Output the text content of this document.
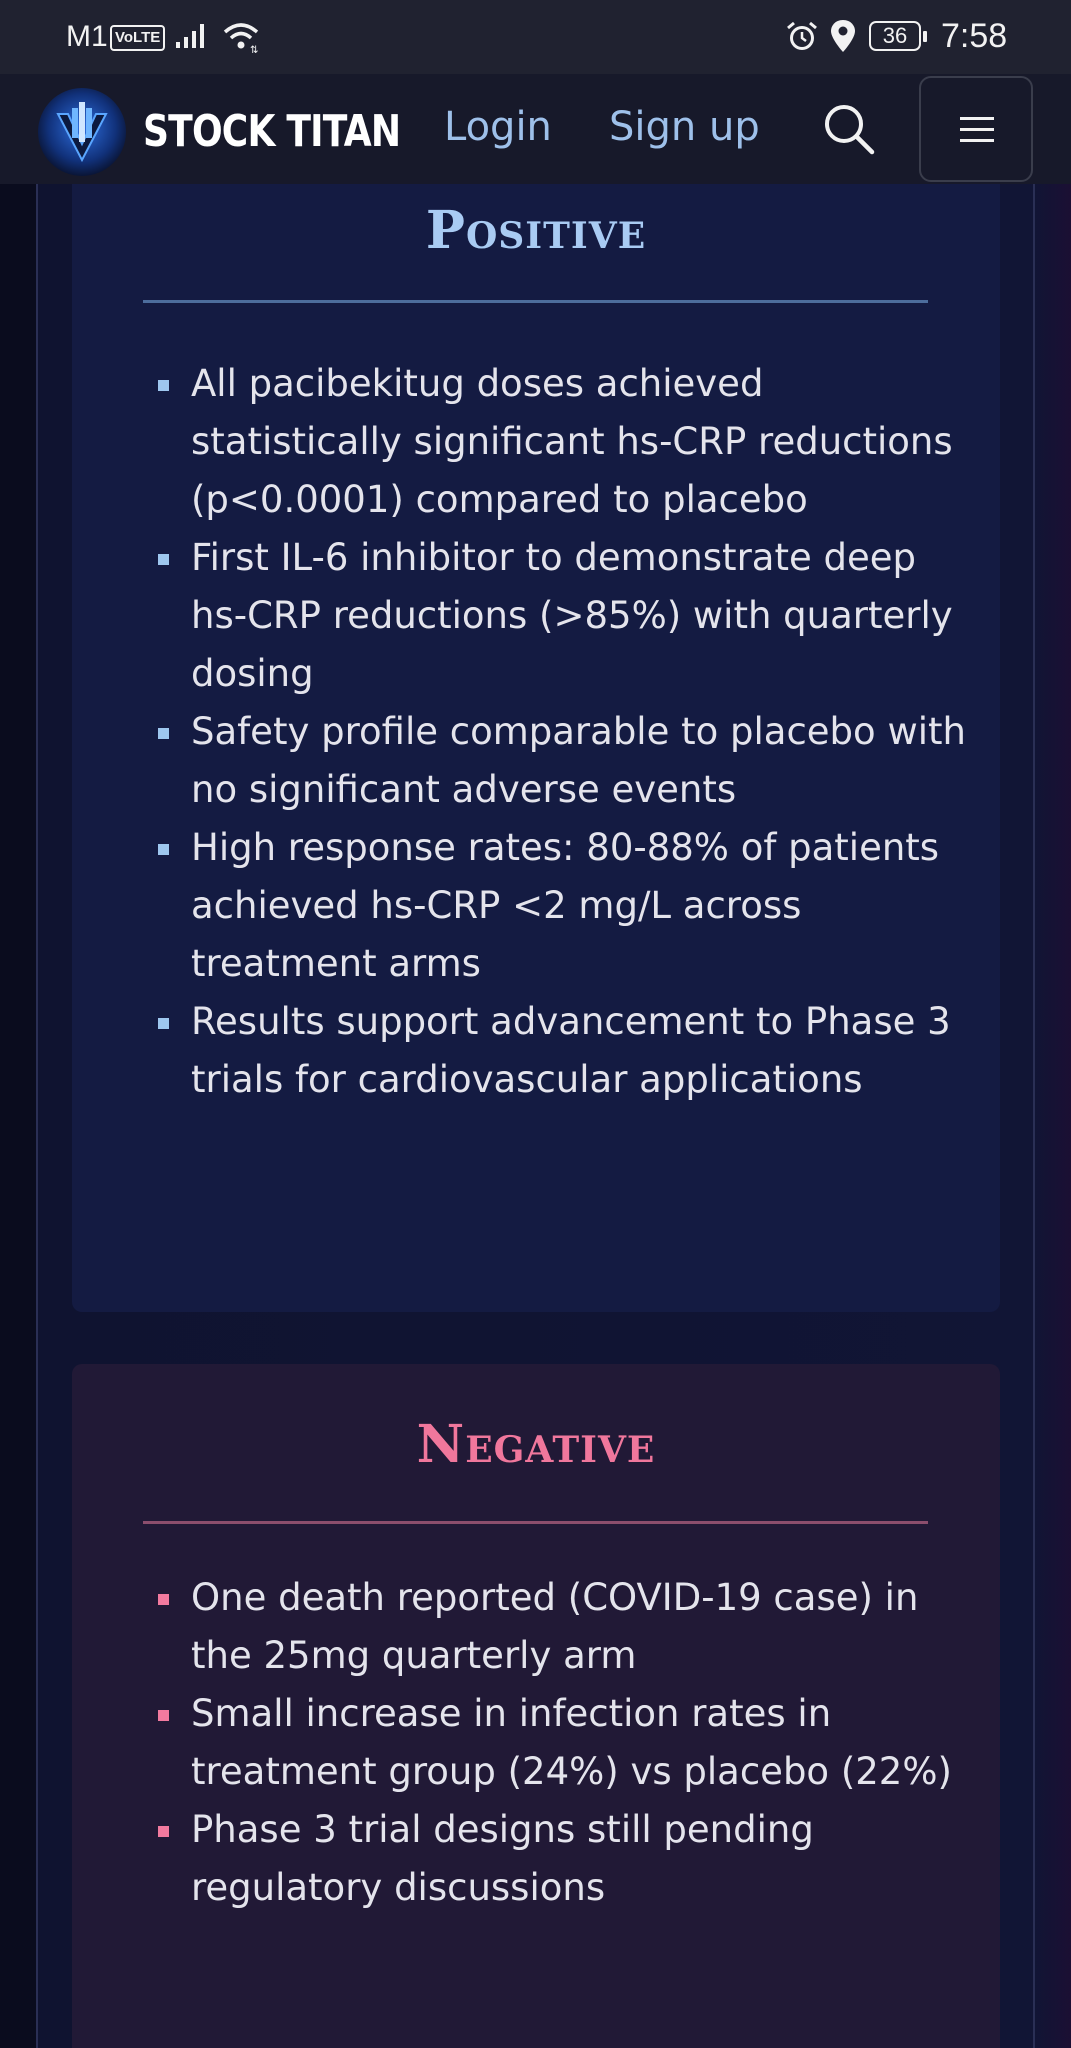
Positive
All pacibekitug doses achieved statistically significant hs-CRP reductions (p<0.0001) compared to placebo
First IL-6 inhibitor to demonstrate deep hs-CRP reductions (>85%) with quarterly dosing
Safety profile comparable to placebo with no significant adverse events
High response rates: 80-88% of patients achieved hs-CRP <2 mg/L across treatment arms
Results support advancement to Phase 3 trials for cardiovascular applications
Negative
One death reported (COVID-19 case) in the 25mg quarterly arm
Small increase in infection rates in treatment group (24%) vs placebo (22%)
Phase 3 trial designs still pending regulatory discussions
M1 VoLTE
⇅
36 7:58
STOCK TITAN Login Sign up
